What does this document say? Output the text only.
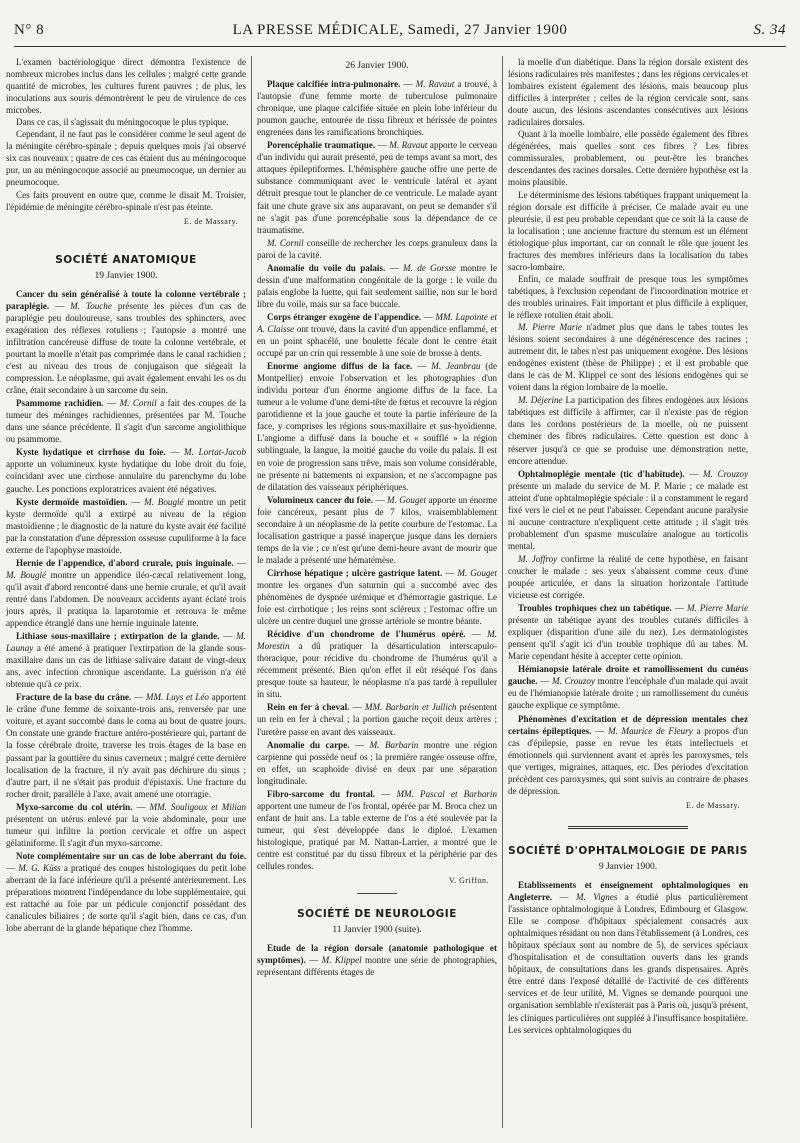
N° 8	LA PRESSE MÉDICALE, Samedi, 27 Janvier 1900	S. 34

L'examen bactériologique direct démontra l'existence de nombreux microbes inclus dans les cellules ; malgré cette grande quantité de microbes, les cultures furent pauvres ; de plus, les inoculations aux souris démontrèrent le peu de virulence de ces microbes.

Dans ce cas, il s'agissait du méningocoque le plus typique.

Cependant, il ne faut pas le considérer comme le seul agent de la méningite cérébro-spinale ; depuis quelques mois j'ai observé six cas nouveaux ; quatre de ces cas étaient dus au méningocoque pur, un au méningocoque associé au pneumocoque, un dernier au pneumocoque.

Ces faits prouvent en outre que, comme le disait M. Troisier, l'épidémie de méningite cérébro-spinale n'est pas éteinte.

E. de Massary.
SOCIÉTÉ ANATOMIQUE
19 Janvier 1900.

Cancer du sein généralisé à toute la colonne vertébrale ; paraplégie. — M. Touche présente les pièces d'un cas de paraplégie peu douloureuse, sans troubles des sphincters, avec exagération des réflexes rotuliens ; l'autopsie a montré une infiltration cancéreuse diffuse de toute la colonne vertébrale, et pourtant la moelle n'était pas comprimée dans le canal rachidien ; c'est au niveau des trous de conjugaison que siégeait la compression. Le néoplasme, qui avait également envahi les os du crâne, était secondaire à un sarcome du sein.

Psammome rachidien. — M. Cornil a fait des coupes de la tumeur des méninges rachidiennes, présentées par M. Touche dans une séance précédente. Il s'agit d'un sarcome angiolithique ou psammome.

Kyste hydatique et cirrhose du foie. — M. Lortat-Jacob apporte un volumineux kyste hydatique du lobe droit du foie, coïncidant avec une cirrhose annulaire du parenchyme du lobe gauche. Les ponctions exploratrices avaient été négatives.

Kyste dermoïde mastoïdien. — M. Bouglé montre un petit kyste dermoïde qu'il a extirpé au niveau de la région mastoïdienne ; le diagnostic de la nature du kyste avait été facilité par la constatation d'une dépression osseuse cupuliforme à la face externe de l'apophyse mastoïde.

Hernie de l'appendice, d'abord crurale, puis inguinale. — M. Bouglé montre un appendice iléo-cæcal relativement long, qu'il avait d'abord rencontré dans une hernie crurale, et qu'il avait rentré dans l'abdomen. De nouveaux accidents ayant éclaté trois jours après, il pratiqua la laparotomie et retrouva le même appendice étranglé dans une hernie inguinale latente.

Lithiase sous-maxillaire ; extirpation de la glande. — M. Launay a été amené à pratiquer l'extirpation de la glande sous-maxillaire dans un cas de lithiase salivaire datant de vingt-deux ans, avec infection chronique ascendante. La guérison n'a été obtenue qu'à ce prix.

Fracture de la base du crâne. — MM. Luys et Léo apportent le crâne d'une femme de soixante-trois ans, renversée par une voiture, et ayant succombé dans le coma au bout de quatre jours. On constate une grande fracture antéro-postérieure qui, partant de la fosse cérébrale droite, traverse les trois étages de la base en passant par la gouttière du sinus caverneux ; malgré cette dernière localisation de la fracture, il n'y avait pas déchirure du sinus ; d'autre part, il ne s'était pas produit d'épistaxis. Une fracture du rocher droit, parallèle à l'axe, avait amené une otorragie.

Myxo-sarcome du col utérin. — MM. Souligoux et Milian présentent un utérus enlevé par la voie abdominale, pour une tumeur qui infiltre la portion cervicale et offre un aspect gélatiniforme. Il s'agit d'un myxo-sarcome.

Note complémentaire sur un cas de lobe aberrant du foie. — M. G. Küss a pratiqué des coupes histologiques du petit lobe aberrant de la face inférieure qu'il a présenté antérieurement. Les préparations montrent l'indépendance du lobe supplémentaire, qui est rattaché au foie par un pédicule conjonctif possédant des canalicules biliaires ; de sorte qu'il s'agit bien, dans ce cas, d'un lobe aberrant de la glande hépatique chez l'homme.

26 Janvier 1900.

Plaque calcifiée intra-pulmonaire. — M. Ravaut a trouvé, à l'autopsie d'une femme morte de tuberculose pulmonaire chronique, une plaque calcifiée située en plein lobe inférieur du poumon gauche, entourée de tissu fibreux et hérissée de pointes engrenées dans les ramifications bronchiques.

Porencéphalie traumatique. — M. Ravaut apporte le cerveau d'un individu qui aurait présenté, peu de temps avant sa mort, des attaques épileptiformes. L'hémisphère gauche offre une perte de substance communiquant avec le ventricule latéral et ayant détruit presque tout le plancher de ce ventricule. Le malade ayant fait une chute grave six ans auparavant, on peut se demander s'il ne s'agit pas d'une porencéphalie sous la dépendance de ce traumatisme.

M. Cornil conseille de rechercher les corps granuleux dans la paroi de la cavité.

Anomalie du voile du palais. — M. de Gorsse montre le dessin d'une malformation congénitale de la gorge : le voile du palais englobe la luette, qui fait seulement saillie, non sur le bord libre du voile, mais sur sa face buccale.

Corps étranger exogène de l'appendice. — MM. Lapointe et A. Claisse ont trouvé, dans la cavité d'un appendice enflammé, et en un point sphacélé, une boulette fécale dont le centre était occupé par un crin qui ressemble à une soie de brosse à dents.

Enorme angiome diffus de la face. — M. Jeanbrau (de Montpellier) envoie l'observation et les photographies d'un individu porteur d'un énorme angiome diffus de la face. La tumeur a le volume d'une demi-tête de fœtus et recouvre la région parotidienne et la joue gauche et toute la partie inférieure de la face, y comprises les régions sous-maxillaire et sus-hyoïdienne. L'angiome a diffusé dans la bouche et « soufflé » la région sublinguale, la langue, la moitié gauche du voile du palais. Il est en voie de progression sans trêve, mais son volume considérable, ne présente ni battements ni expansion, et ne s'accompagne pas de dilatation des vaisseaux périphériques.

Volumineux cancer du foie. — M. Gouget apporte un énorme foie cancéreux, pesant plus de 7 kilos, vraisemblablement secondaire à un néoplasme de la petite courbure de l'estomac. La localisation gastrique a passé inaperçue jusque dans les derniers temps de la vie ; ce n'est qu'une demi-heure avant de mourir que le malade a présenté une hématémèse.

Cirrhose hépatique ; ulcère gastrique latent. — M. Gouget montre les organes d'un saturnin qui a succombé avec des phénomènes de dyspnée urémique et d'hémorragie gastrique. Le foie est cirrhotique ; les reins sont scléreux ; l'estomac offre un ulcère un centre duquel une grosse artériole se montre béante.

Récidive d'un chondrome de l'humérus opéré. — M. Morestin a dû pratiquer la désarticulation interscapulo-thoracique, pour récidive du chondrome de l'humérus qu'il a récemment présenté. Bien qu'on effet il eût réséqué l'os dans presque toute sa hauteur, le néoplasme n'a pas tardé à repulluler in situ.

Rein en fer à cheval. — MM. Barbarin et Jullich présentent un rein en fer à cheval ; la portion gauche reçoit deux artères ; l'uretère passe en avant des vaisseaux.

Anomalie du carpe. — M. Barbarin montre une région carpienne qui possède neuf os ; la première rangée osseuse offre, en effet, un scaphoïde divisé en deux par une séparation longitudinale.

Fibro-sarcome du frontal. — MM. Pascal et Barbarin apportent une tumeur de l'os frontal, opérée par M. Broca chez un enfant de huit ans. La table externe de l'os a été soulevée par la tumeur, qui s'est développée dans le diploé. L'examen histologique, pratiqué par M. Nattan-Larrier, a montré que le centre est constitué par du tissu fibreux et la périphérie par des cellules rondes.

V. Griffon.
SOCIÉTÉ DE NEUROLOGIE
11 Janvier 1900 (suite).

Etude de la région dorsale (anatomie pathologique et symptômes). — M. Klippel montre une série de photographies, représentant différents étages de

la moelle d'un diabétique. Dans la région dorsale existent des lésions radiculaires très manifestes ; dans les régions cervicales et lombaires existent également des lésions, mais beaucoup plus difficiles à interpréter ; celles de la région cervicale sont, sans doute aucun, des lésions ascendantes consécutives aux lésions radiculaires dorsales.

Quant à la moelle lombaire, elle possède également des fibres dégénérées, mais quelles sont ces fibres ? Les fibres commissurales, probablement, ou peut-être les branches descendantes des racines dorsales. Cette dernière hypothèse est la moins plausible.

Le déterminisme des lésions tabétiques frappant uniquement la région dorsale est difficile à préciser. Ce malade avait eu une pleurésie, il est peu probable cependant que ce soit là la cause de la localisation ; une ancienne fracture du sternum est un élément étiologique plus important, car on connaît le rôle que jouent les fractures des membres inférieurs dans la localisation du tabes sacro-lombaire.

Enfin, ce malade souffrait de presque tous les symptômes tabétiques, à l'exclusion cependant de l'incoordination motrice et des troubles urinaires. Fait important et plus difficile à expliquer, le réflexe rotulien était aboli.

M. Pierre Marie n'admet plus que dans le tabes toutes les lésions soient secondaires à une dégénérescence des racines ; autrement dit, le tabes n'est pas uniquement exogène. Des lésions endogènes existent (thèse de Philippe) ; et il est probable que dans le cas de M. Klippel ce sont des lésions endogènes qui se voient dans la région lombaire de la moelle.

M. Déjerine La participation des fibres endogènes aux lésions tabétiques est difficile à affirmer, car il n'existe pas de région dans les cordons postérieurs de la moelle, où ne puissent cheminer des fibres radiculaires. Cette question est donc à réserver jusqu'à ce que se produise une démonstration nette, encore attendue.

Ophtalmoplégie mentale (tic d'habitude). — M. Crouzoy présente un malade du service de M. P. Marie ; ce malade est atteint d'une ophtalmoplégie spéciale : il a constamment le regard fixé vers le ciel et ne peut l'abaisser. Cependant aucune paralysie ni aucune contracture n'expliquent cette attitude ; il s'agit très probablement d'un spasme musculaire analogue au torticolis mental.

M. Joffroy confirme la réalité de cette hypothèse, en faisant coucher le malade : ses yeux s'abaissent comme ceux d'une poupée articulée, et dans la situation horizontale l'attitude vicieuse est corrigée.

Troubles trophiques chez un tabétique. — M. Pierre Marie présente un tabétique ayant des troubles cutanés difficiles à expliquer (disparition d'une aile du nez). Les dermatologistes pensent qu'il s'agit ici d'un trouble trophique dû au tabes. M. Marie cependant hésite à accepter cette opinion.

Hémianopsie latérale droite et ramollissement du cunéus gauche. — M. Crouzoy montre l'encéphale d'un malade qui avait eu de l'hémianopsie latérale droite ; un ramollissement du cunéus gauche explique ce symptôme.

Phénomènes d'excitation et de dépression mentales chez certains épileptiques. — M. Maurice de Fleury a propos d'un cas d'épilepsie, passe en revue les états intellectuels et émotionnels qui surviennent avant et après les paroxysmes, tels que vertiges, migraines, attaques, etc. Des périodes d'excitation précèdent ces paroxysmes, qui sont suivis au contraire de phases de dépression.

E. de Massary.
SOCIÉTÉ D'OPHTALMOLOGIE DE PARIS
9 Janvier 1900.

Etablissements et enseignement ophtalmologiques en Angleterre. — M. Vignes a étudié plus particulièrement l'assistance ophtalmologique à Londres, Edimbourg et Glasgow. Elle se compose d'hôpitaux spécialement consacrés aux ophtalmiques résidant ou non dans l'établissement (à Londres, ces hôpitaux spéciaux sont au nombre de 5), de services spéciaux d'hospitalisation et de consultation ouverts dans les grands hôpitaux, de consultations dans les grands dispensaires. Après être entré dans l'exposé détaillé de l'activité de ces différents services et de leur utilité, M. Vignes se demande pourquoi une organisation semblable n'existerait pas à Paris où, jusqu'à présent, les cliniques particulières ont suppléé à l'insuffisance hospitalière. Les services ophtalmologiques du
